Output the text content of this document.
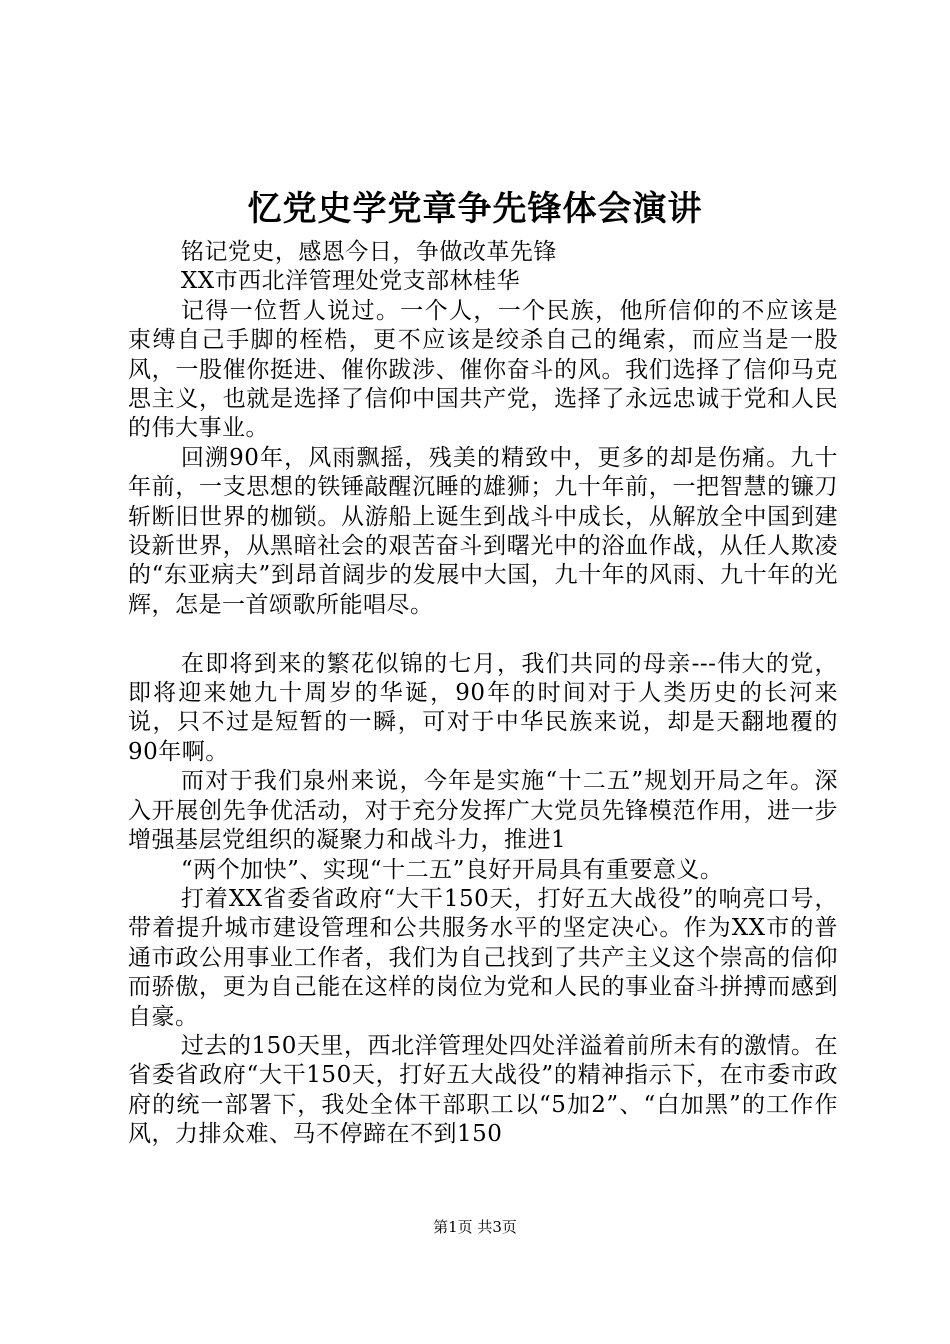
忆党史学党章争先锋体会演讲

铭记党史，感恩今日，争做改革先锋

XX市西北洋管理处党支部林桂华

记得一位哲人说过。一个人，一个民族，他所信仰的不应该是束缚自己手脚的桎梏，更不应该是绞杀自己的绳索，而应当是一股风，一股催你挺进、催你跋涉、催你奋斗的风。我们选择了信仰马克思主义，也就是选择了信仰中国共产党，选择了永远忠诚于党和人民的伟大事业。

回溯90年，风雨飘摇，残美的精致中，更多的却是伤痛。九十年前，一支思想的铁锤敲醒沉睡的雄狮；九十年前，一把智慧的镰刀斩断旧世界的枷锁。从游船上诞生到战斗中成长，从解放全中国到建设新世界，从黑暗社会的艰苦奋斗到曙光中的浴血作战，从任人欺凌的“东亚病夫”到昂首阔步的发展中大国，九十年的风雨、九十年的光辉，怎是一首颂歌所能唱尽。

在即将到来的繁花似锦的七月，我们共同的母亲---伟大的党，即将迎来她九十周岁的华诞，90年的时间对于人类历史的长河来说，只不过是短暂的一瞬，可对于中华民族来说，却是天翻地覆的90年啊。

而对于我们泉州来说，今年是实施“十二五”规划开局之年。深入开展创先争优活动，对于充分发挥广大党员先锋模范作用，进一步增强基层党组织的凝聚力和战斗力，推进1

“两个加快”、实现“十二五”良好开局具有重要意义。

打着XX省委省政府“大干150天，打好五大战役”的响亮口号，带着提升城市建设管理和公共服务水平的坚定决心。作为XX市的普通市政公用事业工作者，我们为自己找到了共产主义这个崇高的信仰而骄傲，更为自己能在这样的岗位为党和人民的事业奋斗拼搏而感到自豪。

过去的150天里，西北洋管理处四处洋溢着前所未有的激情。在省委省政府“大干150天，打好五大战役”的精神指示下，在市委市政府的统一部署下，我处全体干部职工以“5加2”、“白加黑”的工作作风，力排众难、马不停蹄在不到150

第1页 共3页
